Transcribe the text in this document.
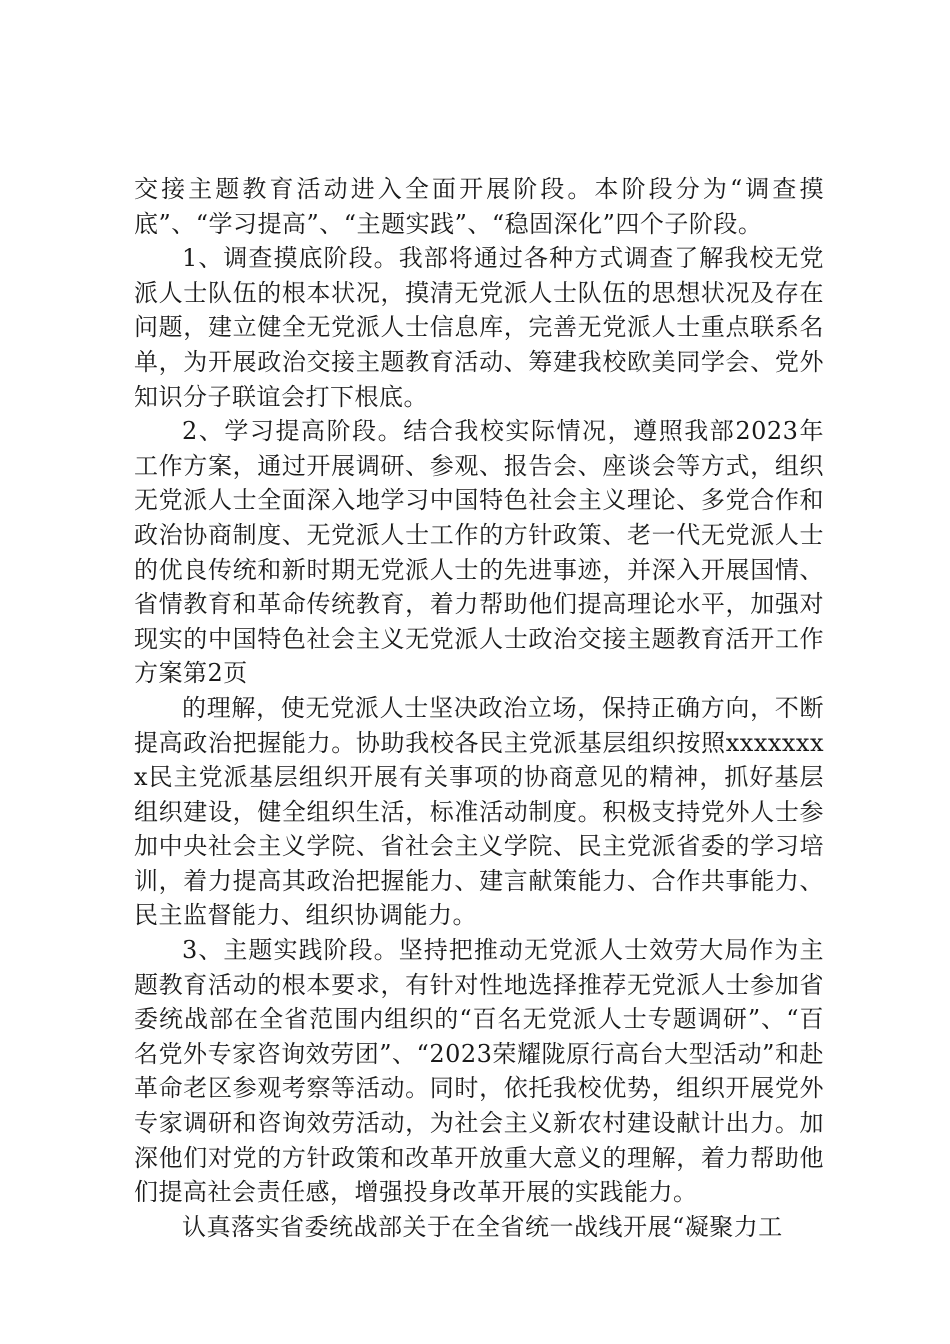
交接主题教育活动进入全面开展阶段。本阶段分为“调查摸底”、“学习提高”、“主题实践”、“稳固深化”四个子阶段。

1、调查摸底阶段。我部将通过各种方式调查了解我校无党派人士队伍的根本状况，摸清无党派人士队伍的思想状况及存在问题，建立健全无党派人士信息库，完善无党派人士重点联系名单，为开展政治交接主题教育活动、筹建我校欧美同学会、党外知识分子联谊会打下根底。

2、学习提高阶段。结合我校实际情况，遵照我部2023年工作方案，通过开展调研、参观、报告会、座谈会等方式，组织无党派人士全面深入地学习中国特色社会主义理论、多党合作和政治协商制度、无党派人士工作的方针政策、老一代无党派人士的优良传统和新时期无党派人士的先进事迹，并深入开展国情、省情教育和革命传统教育，着力帮助他们提高理论水平，加强对现实的中国特色社会主义无党派人士政治交接主题教育活开工作方案第2页

的理解，使无党派人士坚决政治立场，保持正确方向，不断提高政治把握能力。协助我校各民主党派基层组织按照xxxxxxxx民主党派基层组织开展有关事项的协商意见的精神，抓好基层组织建设，健全组织生活，标准活动制度。积极支持党外人士参加中央社会主义学院、省社会主义学院、民主党派省委的学习培训，着力提高其政治把握能力、建言献策能力、合作共事能力、民主监督能力、组织协调能力。

3、主题实践阶段。坚持把推动无党派人士效劳大局作为主题教育活动的根本要求，有针对性地选择推荐无党派人士参加省委统战部在全省范围内组织的“百名无党派人士专题调研”、“百名党外专家咨询效劳团”、“2023荣耀陇原行高台大型活动”和赴革命老区参观考察等活动。同时，依托我校优势，组织开展党外专家调研和咨询效劳活动，为社会主义新农村建设献计出力。加深他们对党的方针政策和改革开放重大意义的理解，着力帮助他们提高社会责任感，增强投身改革开展的实践能力。

认真落实省委统战部关于在全省统一战线开展“凝聚力工
